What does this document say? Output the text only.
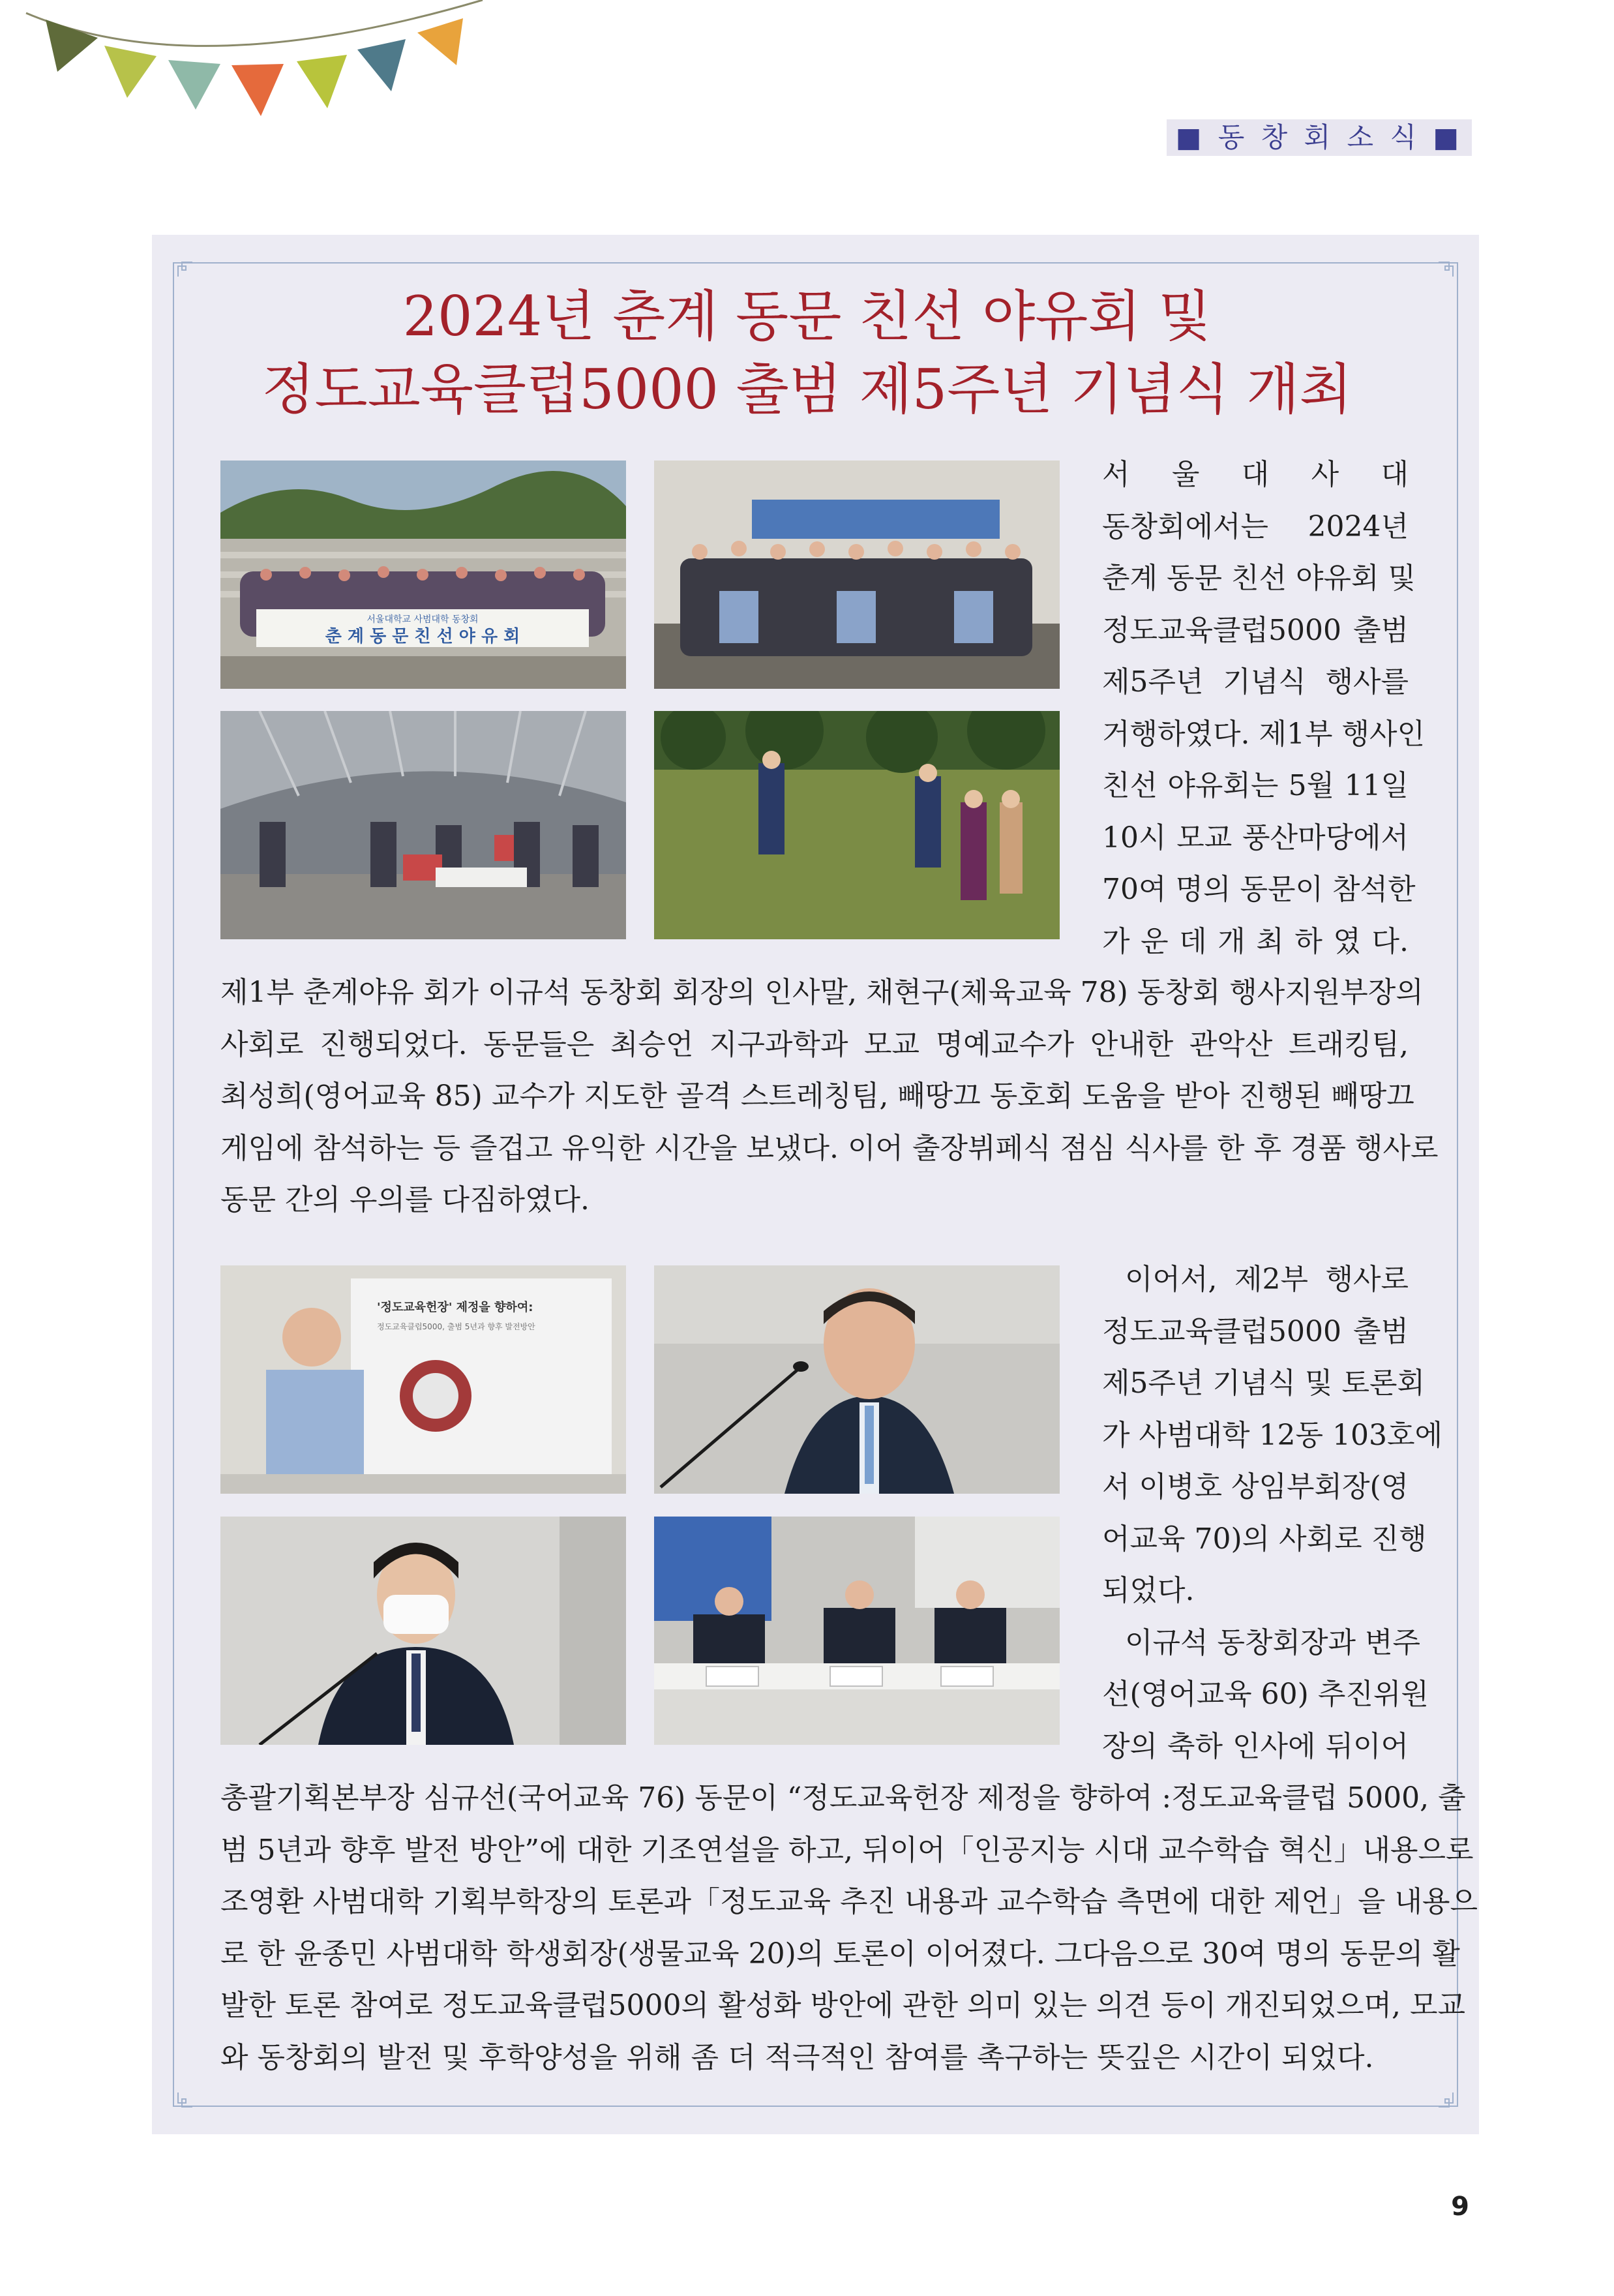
■ 동 창 회 소 식 ■
2024년 춘계 동문 친선 야유회 및
정도교육클럽5000 출범 제5주년 기념식 개최
서울대학교 사범대학 동창회
춘 계 동 문 친 선 야 유 회
'정도교육헌장' 제정을 향하여:
정도교육클럽5000, 출범 5년과 향후 발전방안

서 울 대 사 대

동창회에서는 2024년

춘계 동문 친선 야유회 및

정도교육클럽5000 출범

제5주년 기념식 행사를

거행하였다. 제1부 행사인

친선 야유회는 5월 11일

10시 모교 풍산마당에서

70여 명의 동문이 참석한

가 운 데 개 최 하 였 다.

제1부 춘계야유 회가 이규석 동창회 회장의 인사말, 채현구(체육교육 78) 동창회 행사지원부장의

사회로 진행되었다. 동문들은 최승언 지구과학과 모교 명예교수가 안내한 관악산 트래킹팀,

최성희(영어교육 85) 교수가 지도한 골격 스트레칭팀, 빼땅끄 동호회 도움을 받아 진행된 빼땅끄

게임에 참석하는 등 즐겁고 유익한 시간을 보냈다. 이어 출장뷔페식 점심 식사를 한 후 경품 행사로

동문 간의 우의를 다짐하였다.

이어서, 제2부 행사로

정도교육클럽5000 출범

제5주년 기념식 및 토론회

가 사범대학 12동 103호에

서 이병호 상임부회장(영

어교육 70)의 사회로 진행

되었다.

이규석 동창회장과 변주

선(영어교육 60) 추진위원

장의 축하 인사에 뒤이어

총괄기획본부장 심규선(국어교육 76) 동문이 “정도교육헌장 제정을 향하여 :정도교육클럽 5000, 출

범 5년과 향후 발전 방안”에 대한 기조연설을 하고, 뒤이어「인공지능 시대 교수학습 혁신」내용으로

조영환 사범대학 기획부학장의 토론과「정도교육 추진 내용과 교수학습 측면에 대한 제언」을 내용으

로 한 윤종민 사범대학 학생회장(생물교육 20)의 토론이 이어졌다. 그다음으로 30여 명의 동문의 활

발한 토론 참여로 정도교육클럽5000의 활성화 방안에 관한 의미 있는 의견 등이 개진되었으며, 모교

와 동창회의 발전 및 후학양성을 위해 좀 더 적극적인 참여를 촉구하는 뜻깊은 시간이 되었다.

9
